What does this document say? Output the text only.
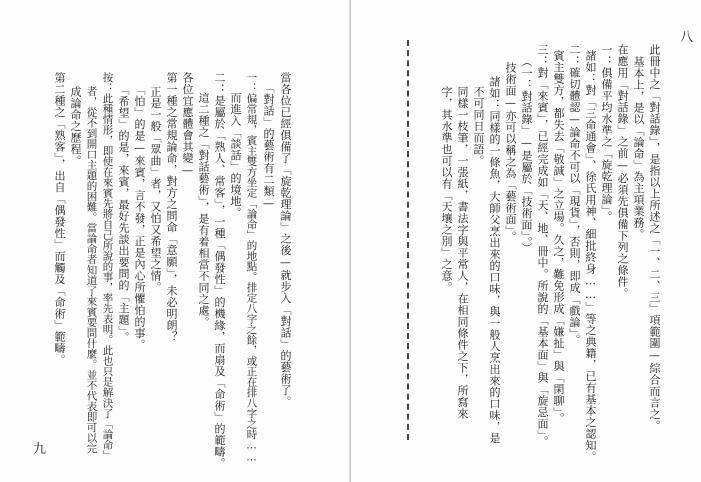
九
當各位已經俱備了「旋乾理論」之後—就步入「對話」的藝術了。
「對話」的藝術有二類—
一：偏常規，賓主雙方坐定「論命」的地點。排定八字之餘，或正在排八字之時……
而進入「談話」的境地。
二：是屬於「熟人、常客」，一種「偶發性」的機緣，而扇及「命術」的範疇。
這二種之「對話藝術」，是有着相當不同之處。
各位宜應體會其變—
第一種之常規論命，對方之問命「意願」，未必明朗？
正是一般「眾曲」者，又怕又希望之情。
「怕」的是—來賓，言不發，正是內心所懼怕的事。
「希望」的是，來賓，最好先談出要問的「主題」。
按：此種情形，即使在來賓先將自己所說的事，率先表明。此也只是解決了「論命」
者，從不到開口主題的困難。當論命者知道了來賓要問什麼。並不代表即可以完
成論命之歷程。
第二種之「熟客」，出自「偶發性」而觸及「命術」範疇。
八
此冊中之「對話錄」，是指以上所述之「一、二、三」項範圍—綜合而言之。
基本上，是以「論命」為主項業務。
在應用「對話錄」之前—必須先俱備下列之條件。
一：俱備平均水準之「旋乾理論」。
諸如：對「三命通會」、徐氏用神、細批終身……」等之典籍，已有基本之認知。
二：確切體認—論命不可以「現貨」，否則，即成「戲論」。
賓主雙方，都失去「敬誠」之立場。久之，難免形成「嫌扯」與「閑聊」。
三：對「來賓」，已經完成如「天、地、冊中。所說的「基本面」與「旋忌面」。
（一：對話錄」—是屬於「技術面」。）
技術面—亦可以稱之為「藝術面」。
諸如：同樣的一條魚，大師父烹出來的口味，與一般人烹出來的口味，是
不可同日而語。
同樣一枝筆，一張紙，書法字與平常人，在相同條件之下，所寫來
字，其水準也可以有「天壤之別」之意。
